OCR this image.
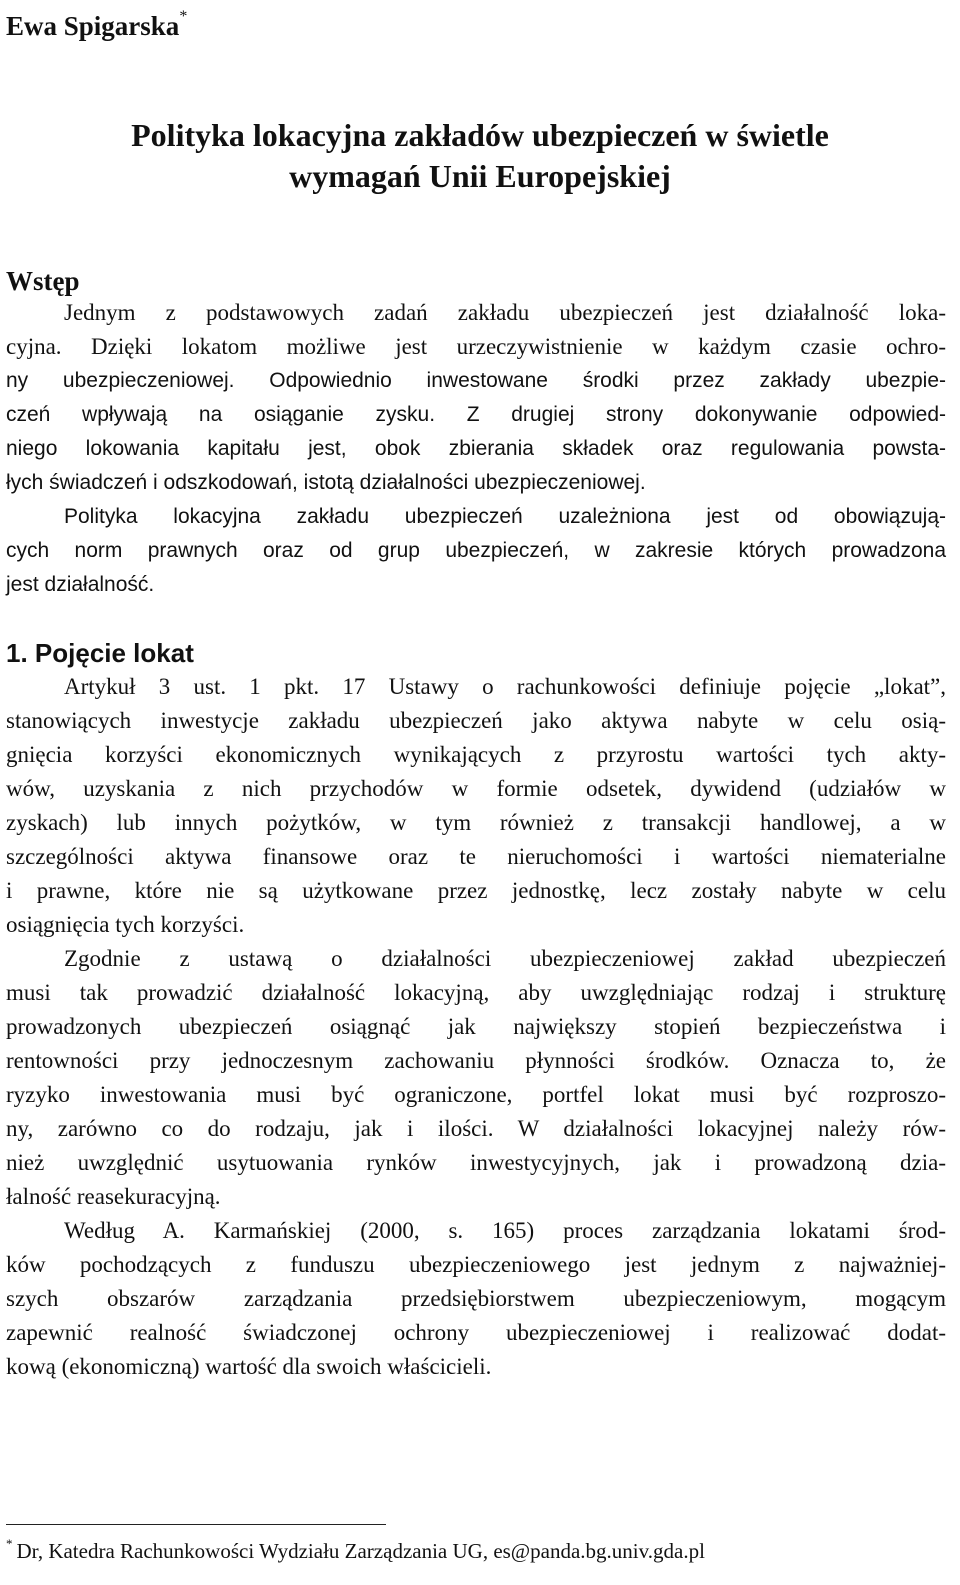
Ewa Spigarska*
Polityka lokacyjna zakładów ubezpieczeń w świetle
wymagań Unii Europejskiej
Wstęp
Jednym z podstawowych zadań zakładu ubezpieczeń jest działalność loka-
cyjna. Dzięki lokatom możliwe jest urzeczywistnienie w każdym czasie ochro-
ny ubezpieczeniowej. Odpowiednio inwestowane środki przez zakłady ubezpie-
czeń wpływają na osiąganie zysku. Z drugiej strony dokonywanie odpowied-
niego lokowania kapitału jest, obok zbierania składek oraz regulowania powsta-
łych świadczeń i odszkodowań, istotą działalności ubezpieczeniowej.
Polityka lokacyjna zakładu ubezpieczeń uzależniona jest od obowiązują-
cych norm prawnych oraz od grup ubezpieczeń, w zakresie których prowadzona
jest działalność.
1. Pojęcie lokat
Artykuł 3 ust. 1 pkt. 17 Ustawy o rachunkowości definiuje pojęcie „lokat”,
stanowiących inwestycje zakładu ubezpieczeń jako aktywa nabyte w celu osią-
gnięcia korzyści ekonomicznych wynikających z przyrostu wartości tych akty-
wów, uzyskania z nich przychodów w formie odsetek, dywidend (udziałów w
zyskach) lub innych pożytków, w tym również z transakcji handlowej, a w
szczególności aktywa finansowe oraz te nieruchomości i wartości niematerialne
i prawne, które nie są użytkowane przez jednostkę, lecz zostały nabyte w celu
osiągnięcia tych korzyści.
Zgodnie z ustawą o działalności ubezpieczeniowej zakład ubezpieczeń
musi tak prowadzić działalność lokacyjną, aby uwzględniając rodzaj i strukturę
prowadzonych ubezpieczeń osiągnąć jak największy stopień bezpieczeństwa i
rentowności przy jednoczesnym zachowaniu płynności środków. Oznacza to, że
ryzyko inwestowania musi być ograniczone, portfel lokat musi być rozproszo-
ny, zarówno co do rodzaju, jak i ilości. W działalności lokacyjnej należy rów-
nież uwzględnić usytuowania rynków inwestycyjnych, jak i prowadzoną dzia-
łalność reasekuracyjną.
Według A. Karmańskiej (2000, s. 165) proces zarządzania lokatami środ-
ków pochodzących z funduszu ubezpieczeniowego jest jednym z najważniej-
szych obszarów zarządzania przedsiębiorstwem ubezpieczeniowym, mogącym
zapewnić realność świadczonej ochrony ubezpieczeniowej i realizować dodat-
kową (ekonomiczną) wartość dla swoich właścicieli.
* Dr, Katedra Rachunkowości Wydziału Zarządzania UG, es@panda.bg.univ.gda.pl
